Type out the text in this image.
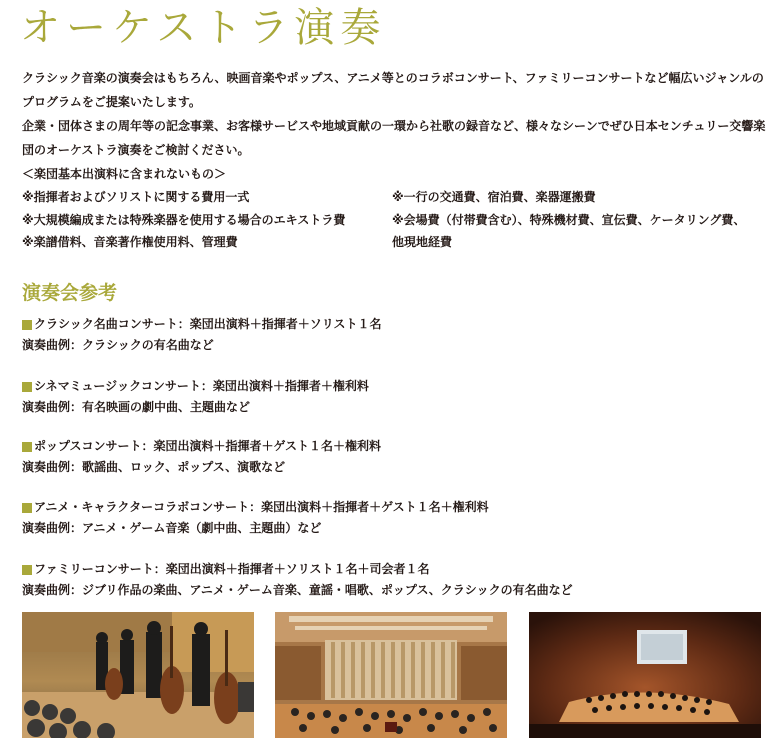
オーケストラ演奏

クラシック音楽の演奏会はもちろん、映画音楽やポップス、アニメ等とのコラボコンサート、ファミリーコンサートなど幅広いジャンルのプログラムをご提案いたします。

企業・団体さまの周年等の記念事業、お客様サービスや地域貢献の一環から社歌の録音など、様々なシーンでぜひ日本センチュリー交響楽団のオーケストラ演奏をご検討ください。

＜楽団基本出演料に含まれないもの＞
※指揮者およびソリストに関する費用一式
※大規模編成または特殊楽器を使用する場合のエキストラ費
※楽譜借料、音楽著作権使用料、管理費
※一行の交通費、宿泊費、楽器運搬費
※会場費（付帯費含む）、特殊機材費、宣伝費、ケータリング費、
他現地経費
演奏会参考
クラシック名曲コンサート：楽団出演料＋指揮者＋ソリスト１名
演奏曲例：クラシックの有名曲など
シネマミュージックコンサート：楽団出演料＋指揮者＋権利料
演奏曲例：有名映画の劇中曲、主題曲など
ポップスコンサート：楽団出演料＋指揮者＋ゲスト１名＋権利料
演奏曲例：歌謡曲、ロック、ポップス、演歌など
アニメ・キャラクターコラボコンサート：楽団出演料＋指揮者＋ゲスト１名＋権利料
演奏曲例：アニメ・ゲーム音楽（劇中曲、主題曲）など
ファミリーコンサート：楽団出演料＋指揮者＋ソリスト１名＋司会者１名
演奏曲例：ジブリ作品の楽曲、アニメ・ゲーム音楽、童謡・唱歌、ポップス、クラシックの有名曲など
